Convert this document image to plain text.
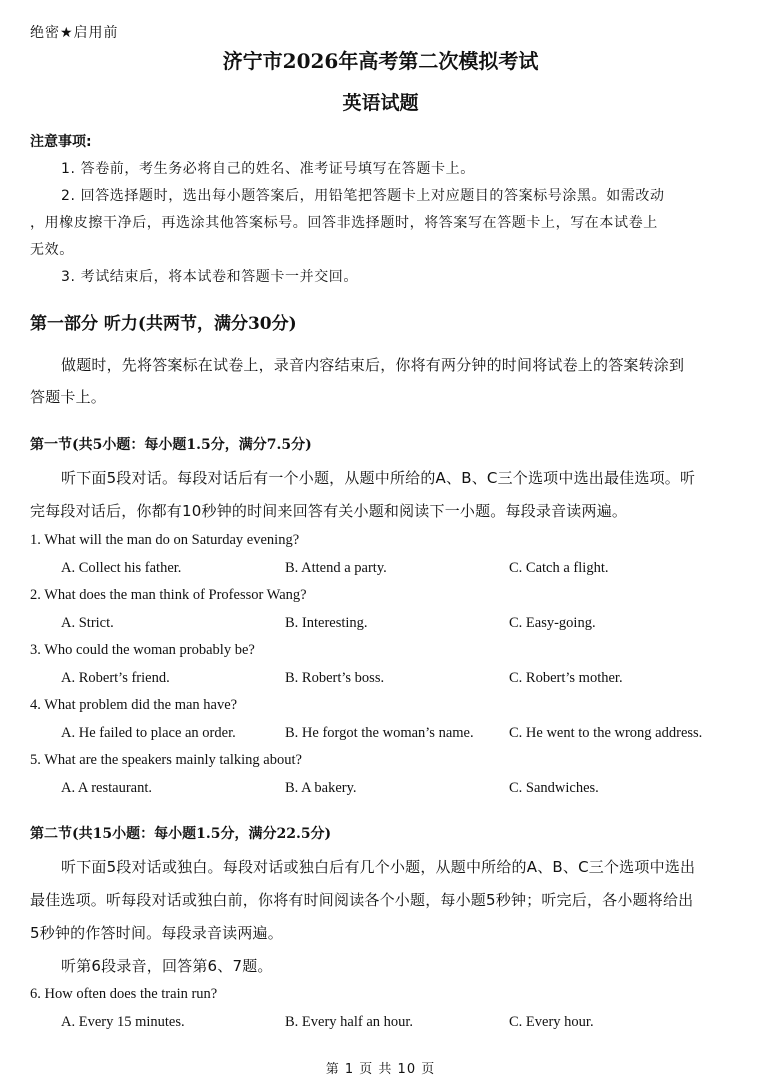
绝密★启用前
济宁市2026年高考第二次模拟考试
英语试题
注意事项:
1. 答卷前，考生务必将自己的姓名、准考证号填写在答题卡上。
2. 回答选择题时，选出每小题答案后，用铅笔把答题卡上对应题目的答案标号涂黑。如需改动
，用橡皮擦干净后，再选涂其他答案标号。回答非选择题时，将答案写在答题卡上，写在本试卷上
无效。
3. 考试结束后，将本试卷和答题卡一并交回。
第一部分 听力(共两节，满分30分)
做题时，先将答案标在试卷上，录音内容结束后，你将有两分钟的时间将试卷上的答案转涂到
答题卡上。
第一节(共5小题：每小题1.5分，满分7.5分)
听下面5段对话。每段对话后有一个小题，从题中所给的A、B、C三个选项中选出最佳选项。听
完每段对话后，你都有10秒钟的时间来回答有关小题和阅读下一小题。每段录音读两遍。
1. What will the man do on Saturday evening?
A. Collect his father.	B. Attend a party.	C. Catch a flight.
2. What does the man think of Professor Wang?
A. Strict.	B. Interesting.	C. Easy-going.
3. Who could the woman probably be?
A. Robert’s friend.	B. Robert’s boss.	C. Robert’s mother.
4. What problem did the man have?
A. He failed to place an order.	B. He forgot the woman’s name. C. He went to the wrong address.
5. What are the speakers mainly talking about?
A. A restaurant.	B. A bakery.	C. Sandwiches.
第二节(共15小题：每小题1.5分，满分22.5分)
听下面5段对话或独白。每段对话或独白后有几个小题，从题中所给的A、B、C三个选项中选出
最佳选项。听每段对话或独白前，你将有时间阅读各个小题，每小题5秒钟；听完后，各小题将给出
5秒钟的作答时间。每段录音读两遍。
听第6段录音，回答第6、7题。
6. How often does the train run?
A. Every 15 minutes.	B. Every half an hour.	C. Every hour.
第 1 页 共 10 页
